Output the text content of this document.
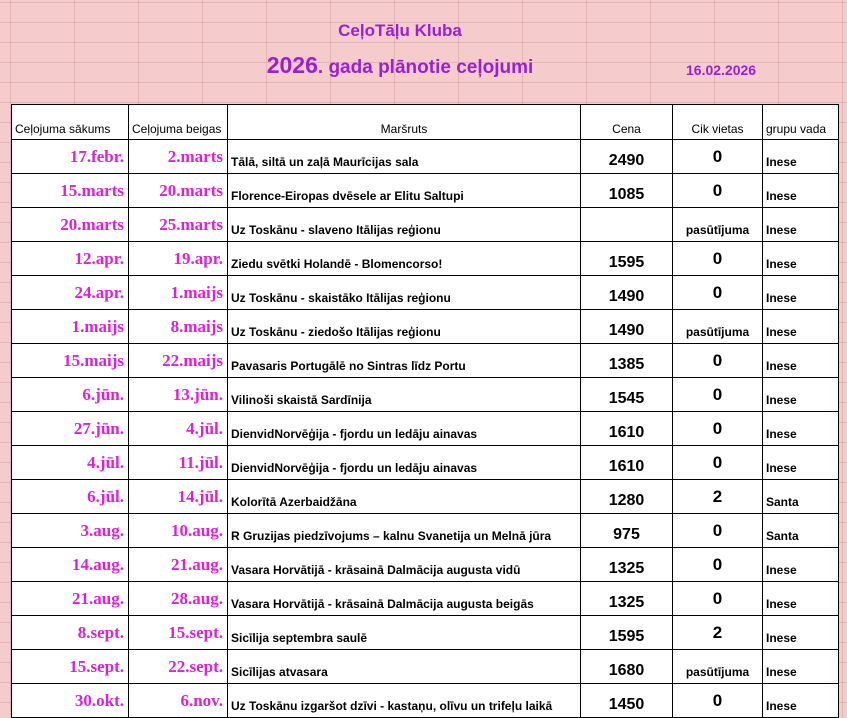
CeļoTāļu Kluba
2026. gada plānotie ceļojumi	16.02.2026
Ceļojuma sākums	Ceļojuma beigas	Maršruts	Cena	Cik vietas	grupu vada
17.febr.	2.marts	Tālā, siltā un zaļā Maurīcijas sala	2490	0	Inese
15.marts	20.marts	Florence-Eiropas dvēsele ar Elitu Saltupi	1085	0	Inese
20.marts	25.marts	Uz Toskānu - slaveno Itālijas reģionu		pasūtījuma	Inese
12.apr.	19.apr.	Ziedu svētki Holandē - Blomencorso!	1595	0	Inese
24.apr.	1.maijs	Uz Toskānu - skaistāko Itālijas reģionu	1490	0	Inese
1.maijs	8.maijs	Uz Toskānu - ziedošo Itālijas reģionu	1490	pasūtījuma	Inese
15.maijs	22.maijs	Pavasaris Portugālē no Sintras līdz Portu	1385	0	Inese
6.jūn.	13.jūn.	Vilinoši skaistā Sardīnija	1545	0	Inese
27.jūn.	4.jūl.	DienvidNorvēģija - fjordu un ledāju ainavas	1610	0	Inese
4.jūl.	11.jūl.	DienvidNorvēģija - fjordu un ledāju ainavas	1610	0	Inese
6.jūl.	14.jūl.	Kolorītā Azerbaidžāna	1280	2	Santa
3.aug.	10.aug.	R Gruzijas piedzīvojums – kalnu Svanetija un Melnā jūra	975	0	Santa
14.aug.	21.aug.	Vasara Horvātijā - krāsainā Dalmācija augusta vidū	1325	0	Inese
21.aug.	28.aug.	Vasara Horvātijā - krāsainā Dalmācija augusta beigās	1325	0	Inese
8.sept.	15.sept.	Sicīlija septembra saulē	1595	2	Inese
15.sept.	22.sept.	Sicīlijas atvasara	1680	pasūtījuma	Inese
30.okt.	6.nov.	Uz Toskānu izgaršot dzīvi - kastaņu, olīvu un trifeļu laikā	1450	0	Inese
